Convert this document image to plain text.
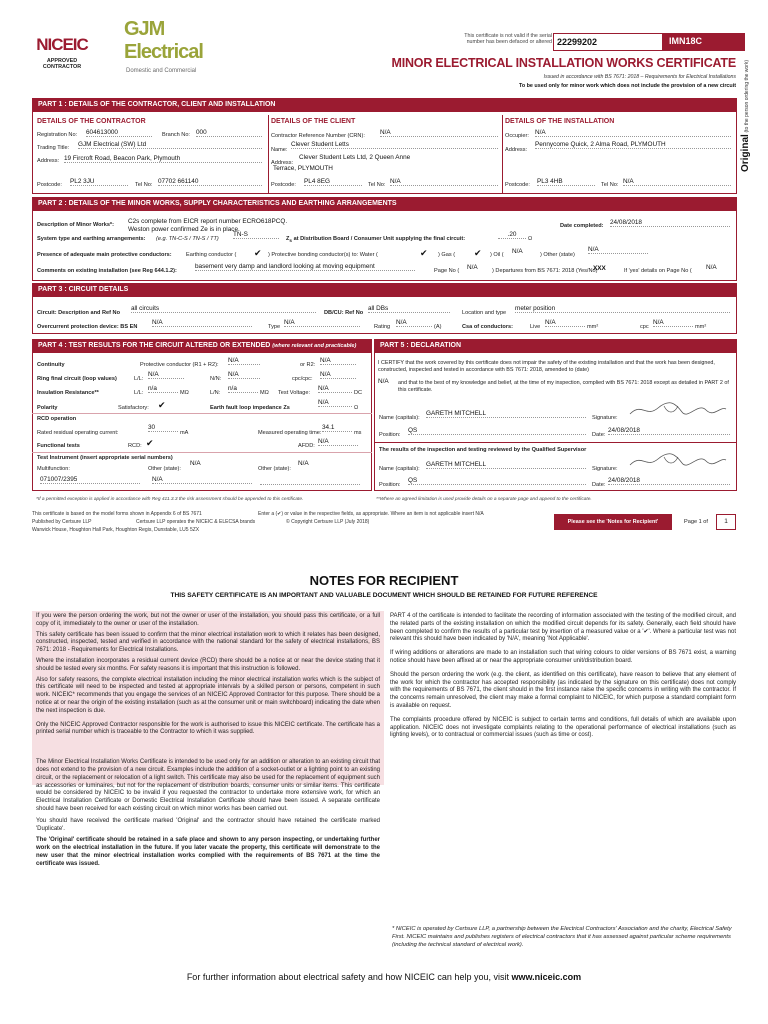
NICEIC
APPROVED
CONTRACTOR
GJM Electrical
Domestic and Commercial
This certificate is not valid if the serial number has been defaced or altered 22299202	IMN18C
MINOR ELECTRICAL INSTALLATION WORKS CERTIFICATE
Issued in accordance with BS 7671: 2018 – Requirements for Electrical Installations
To be used only for minor work which does not include the provision of a new circuit
Original (to the person ordering the work)
PART 1 : DETAILS OF THE CONTRACTOR, CLIENT AND INSTALLATION
DETAILS OF THE CONTRACTOR	DETAILS OF THE CLIENT	DETAILS OF THE INSTALLATION
Registration No: 604613000	Branch No: 000
Trading Title: GJM Electrical (SW) Ltd
Address: 19 Fircroft Road, Beacon Park, Plymouth
Postcode: PL2 3JU	Tel No: 07702 661140
Contractor Reference Number (CRN): N/A
Name:
Clever Student Letts
Address:
Clever Student Lets Ltd, 2 Queen Anne
Terrace, PLYMOUTH
Postcode: PL4 8EG	Tel No: N/A
Occupier: N/A
Address:
Pennycome Quick, 2 Alma Road, PLYMOUTH
Postcode: PL3 4HB	Tel No: N/A
PART 2 : DETAILS OF THE MINOR WORKS, SUPPLY CHARACTERISTICS AND EARTHING ARRANGEMENTS
Description of Minor Works*: C2s complete from EICR report number ECRO618PCQ.
Weston power confirmed Ze is in place.	Date completed: 24/08/2018
System type and earthing arrangements: (e.g. TN-C-S / TN-S / TT)
TN-S
$Z_s$ at Distribution Board / Consumer Unit supplying the final circuit:
.20
Ω
Presence of adequate main protective conductors:	Earthing conductor ( ✔ ) Protective bonding conductor(s) to: Water (	✔ ) Gas ( ✔ ) Oil ( N/A	) Other (state)
N/A
Comments on existing installation (see Reg 644.1.2):
basement very damp and landlord looking at moving equipment
Page No ( N/A	) Departures from BS 7671: 2018 (Yes/No)
XXX	If 'yes' details on Page No ( N/A
PART 3 : CIRCUIT DETAILS
Circuit: Description and Ref No
all circuits
DB/CU: Ref No
all DBs
Location and type
meter position
Overcurrent protection device: BS EN
N/A
Type
N/A
Rating
N/A
(A)	Csa of conductors:	Live
N/A
mm²	cpc
N/A
mm²
PART 4 : TEST RESULTS FOR THE CIRCUIT ALTERED OR EXTENDED (where relevant and practicable)
Continuity	Protective conductor (R1 + R2):
N/A
or R2:
N/A
Ring final circuit (loop values)	L/L:
N/A
N/N:
N/A
cpc/cpc:
N/A
Insulation Resistance**	L/L:
n/a
MΩ	L/N:
n/a
MΩ Test Voltage:
N/A
DC
Polarity	Satisfactory: ✔	Earth fault loop impedance Zs
N/A
Ω
RCD operation
Rated residual operating current:
30
mA	Measured operating time:
34.1
ms
Functional tests	RCD: ✔	AFDD:
N/A
Test Instrument (insert appropriate serial numbers)
Multifunction:
071007/2395
Other (state):
N/A
N/A
Other (state):
N/A
PART 5 : DECLARATION
I CERTIFY that the work covered by this certificate does not impair the safety of the existing installation and that the work has been designed, constructed, inspected and tested in accordance with BS 7671: 2018, amended to (date)
N/A and that to the best of my knowledge and belief, at the time of my inspection, complied with BS 7671: 2018 except as detailed in PART 2 of this certificate.
Name (capitals):
GARETH MITCHELL
Signature:
Position:
QS
Date:
24/08/2018
The results of the inspection and testing reviewed by the Qualified Supervisor
Name (capitals):
GARETH MITCHELL
Signature:
Position:
QS
Date:
24/08/2018
*If a permitted exception is applied in accordance with Reg 411.3.3 the risk assessment should be appended to this certificate.	**Where an agreed limitation is used provide details on a separate page and append to the certificate.
This certificate is based on the model forms shown in Appendix 6 of BS 7671	Enter a (✔) or value in the respective fields, as appropriate. Where an item is not applicable insert N/A
Published by Certsure LLP	Certsure LLP operates the NICEIC & ELECSA brands	© Copyright Certsure LLP (July 2018)
Warwick House, Houghton Hall Park, Houghton Regis, Dunstable, LU5 5ZX
Please see the 'Notes for Recipient'	Page 1 of	1
NOTES FOR RECIPIENT
THIS SAFETY CERTIFICATE IS AN IMPORTANT AND VALUABLE DOCUMENT WHICH SHOULD BE RETAINED FOR FUTURE REFERENCE

If you were the person ordering the work, but not the owner or user of the installation, you should pass this certificate, or a full copy of it, immediately to the owner or user of the installation.

This safety certificate has been issued to confirm that the minor electrical installation work to which it relates has been designed, constructed, inspected, tested and verified in accordance with the national standard for the safety of electrical installations, BS 7671: 2018 - Requirements for Electrical Installations.

Where the installation incorporates a residual current device (RCD) there should be a notice at or near the device stating that it should be tested every six months. For safety reasons it is important that this instruction is followed.

Also for safety reasons, the complete electrical installation including the minor electrical installation works which is the subject of this certificate will need to be inspected and tested at appropriate intervals by a skilled person or persons, competent in such work. NICEIC* recommends that you engage the services of an NICEIC Approved Contractor for this purpose. There should be a notice at or near the origin of the existing installation (such as at the consumer unit or main switchboard) indicating the date when the next inspection is due.

Only the NICEIC Approved Contractor responsible for the work is authorised to issue this NICEIC certificate. The certificate has a printed serial number which is traceable to the Contractor to which it was supplied.

The Minor Electrical Installation Works Certificate is intended to be used only for an addition or alteration to an existing circuit that does not extend to the provision of a new circuit. Examples include the addition of a socket-outlet or a lighting point to an existing circuit, or the replacement or relocation of a light switch. This certificate may also be used for the replacement of equipment such as accessories or luminaires, but not for the replacement of distribution boards, consumer units or similar items. This certificate would be considered by NICEIC to be invalid if you requested the contractor to undertake more extensive work, for which an Electrical Installation Certificate or Domestic Electrical Installation Certificate should have been issued. A separate certificate should have been received for each existing circuit on which minor works has been carried out.

You should have received the certificate marked 'Original' and the contractor should have retained the certificate marked 'Duplicate'.

The 'Original' certificate should be retained in a safe place and shown to any person inspecting, or undertaking further work on the electrical installation in the future. If you later vacate the property, this certificate will demonstrate to the new user that the minor electrical installation works complied with the requirements of BS 7671 at the time the certificate was issued.

PART 4 of the certificate is intended to facilitate the recording of information associated with the testing of the modified circuit, and the related parts of the existing installation on which the modified circuit depends for its safety. Generally, each field should have been completed to confirm the results of a particular test by insertion of a measured value or a '✔'. Where a particular test was not relevant this should have been indicated by 'N/A', meaning 'Not Applicable'.

If wiring additions or alterations are made to an installation such that wiring colours to older versions of BS 7671 exist, a warning notice should have been affixed at or near the appropriate consumer unit/distribution board.

Should the person ordering the work (e.g. the client, as identified on this certificate), have reason to believe that any element of the work for which the contractor has accepted responsibility (as indicated by the signature on this certificate) does not comply with the requirements of BS 7671, the client should in the first instance raise the specific concerns in writing with the contractor. If the concerns remain unresolved, the client may make a formal complaint to NICEIC, for which purpose a standard complaint form is available on request.

The complaints procedure offered by NICEIC is subject to certain terms and conditions, full details of which are available upon application. NICEIC does not investigate complaints relating to the operational performance of electrical installations (such as lighting levels), or to contractual or commercial issues (such as time or cost).

* NICEIC is operated by Certsure LLP, a partnership between the Electrical Contractors' Association and the charity, Electrical Safety First. NICEIC maintains and publishes registers of electrical contractors that it has assessed against particular scheme requirements (including the technical standard of electrical work).
For further information about electrical safety and how NICEIC can help you, visit www.niceic.com
